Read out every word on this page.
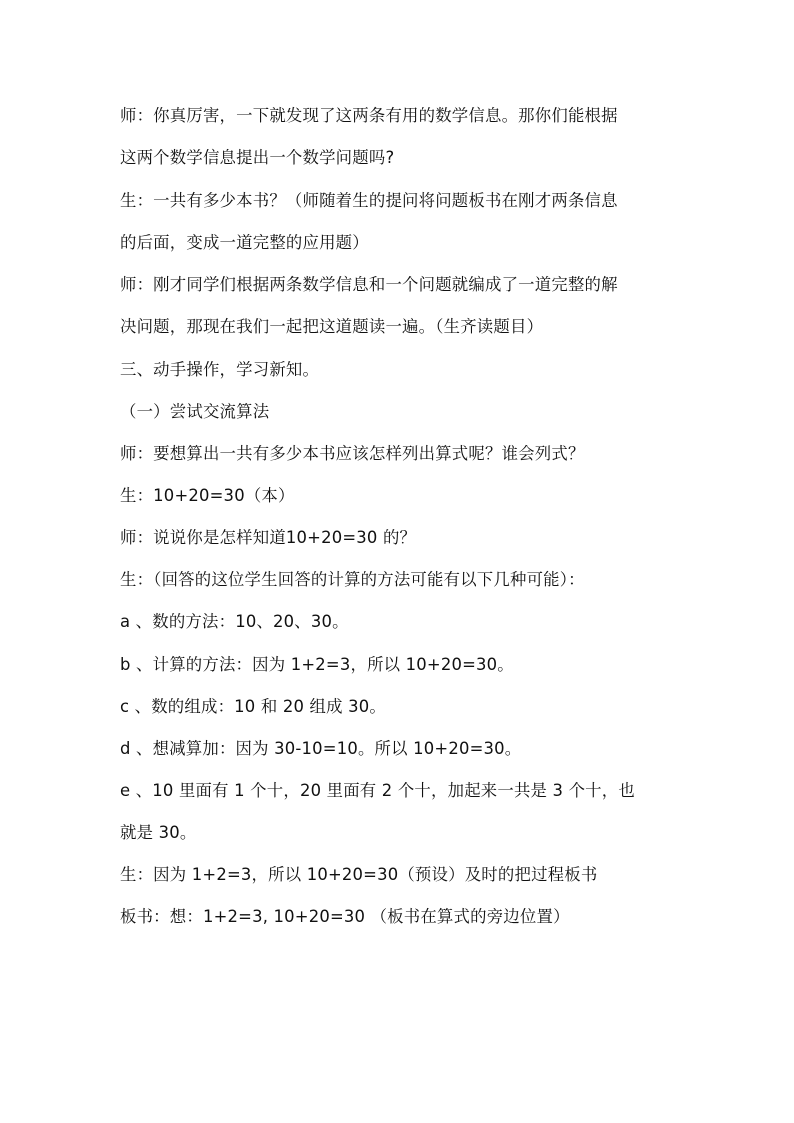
师：你真厉害，一下就发现了这两条有用的数学信息。那你们能根据
这两个数学信息提出一个数学问题吗?
生：一共有多少本书？（师随着生的提问将问题板书在刚才两条信息
的后面，变成一道完整的应用题）
师：刚才同学们根据两条数学信息和一个问题就编成了一道完整的解
决问题，那现在我们一起把这道题读一遍。（生齐读题目）
三、动手操作，学习新知。
（一）尝试交流算法
师：要想算出一共有多少本书应该怎样列出算式呢？谁会列式？
生：10+20=30（本）
师：说说你是怎样知道10+20=30 的？
生：（回答的这位学生回答的计算的方法可能有以下几种可能）：
a 、数的方法：10、20、30。
b 、计算的方法：因为 1+2=3，所以 10+20=30。
c 、数的组成：10 和 20 组成 30。
d 、想减算加：因为 30-10=10。所以 10+20=30。
e 、10 里面有 1 个十，20 里面有 2 个十，加起来一共是 3 个十，也
就是 30。
生：因为 1+2=3，所以 10+20=30（预设）及时的把过程板书
板书：想：1+2=3, 10+20=30 （板书在算式的旁边位置）
